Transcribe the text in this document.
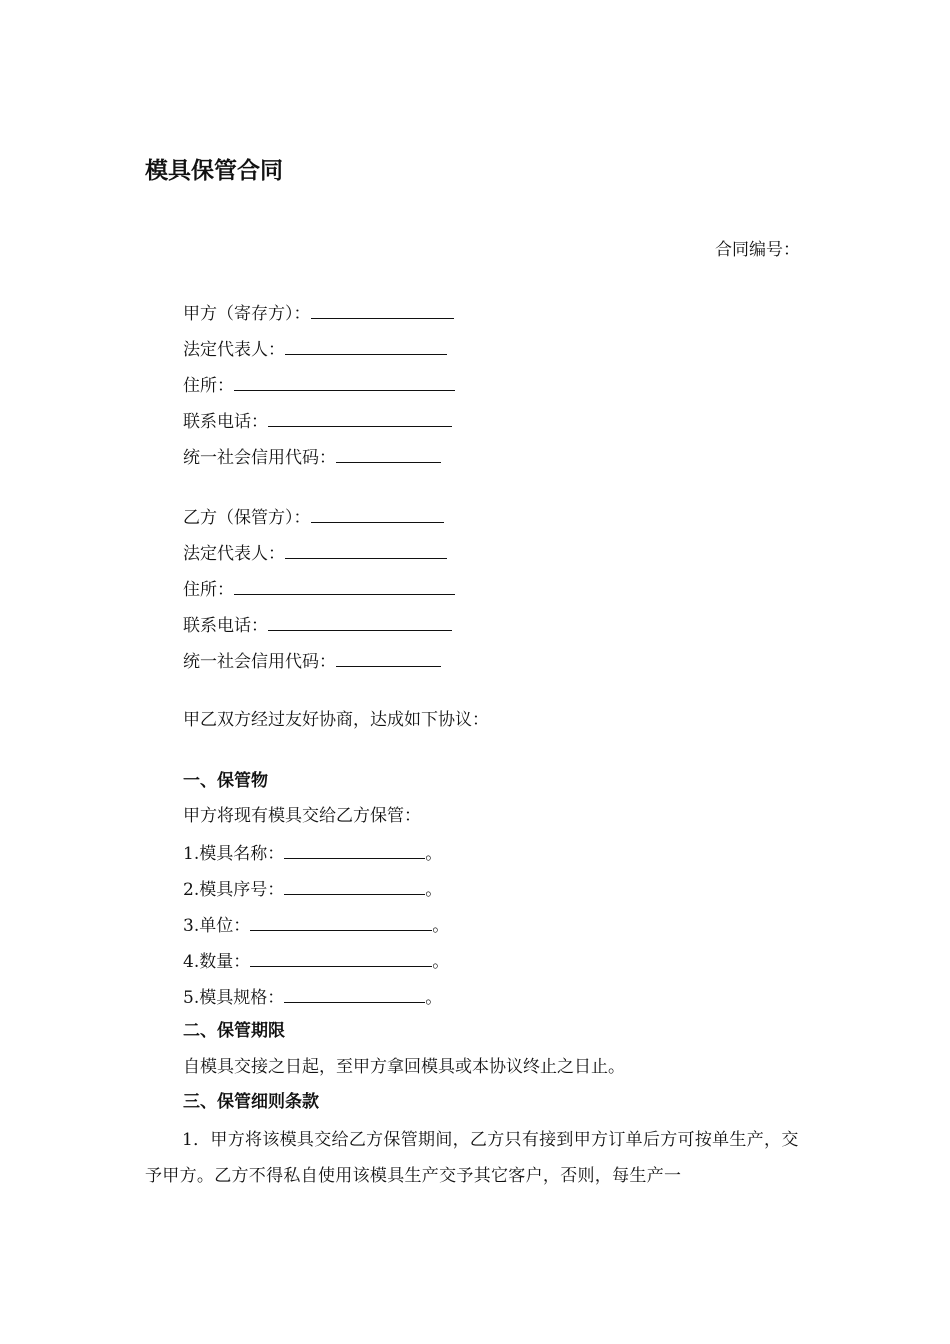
模具保管合同
合同编号：
甲方（寄存方）：
法定代表人：
住所：
联系电话：
统一社会信用代码：
乙方（保管方）：
法定代表人：
住所：
联系电话：
统一社会信用代码：
甲乙双方经过友好协商，达成如下协议：
一、保管物
甲方将现有模具交给乙方保管：
1.模具名称：	。
2.模具序号：	。
3.单位：	。
4.数量：	。
5.模具规格：	。
二、保管期限
自模具交接之日起，至甲方拿回模具或本协议终止之日止。
三、保管细则条款
1．甲方将该模具交给乙方保管期间，乙方只有接到甲方订单后方可按单生产，交予甲方。乙方不得私自使用该模具生产交予其它客户，否则，每生产一
